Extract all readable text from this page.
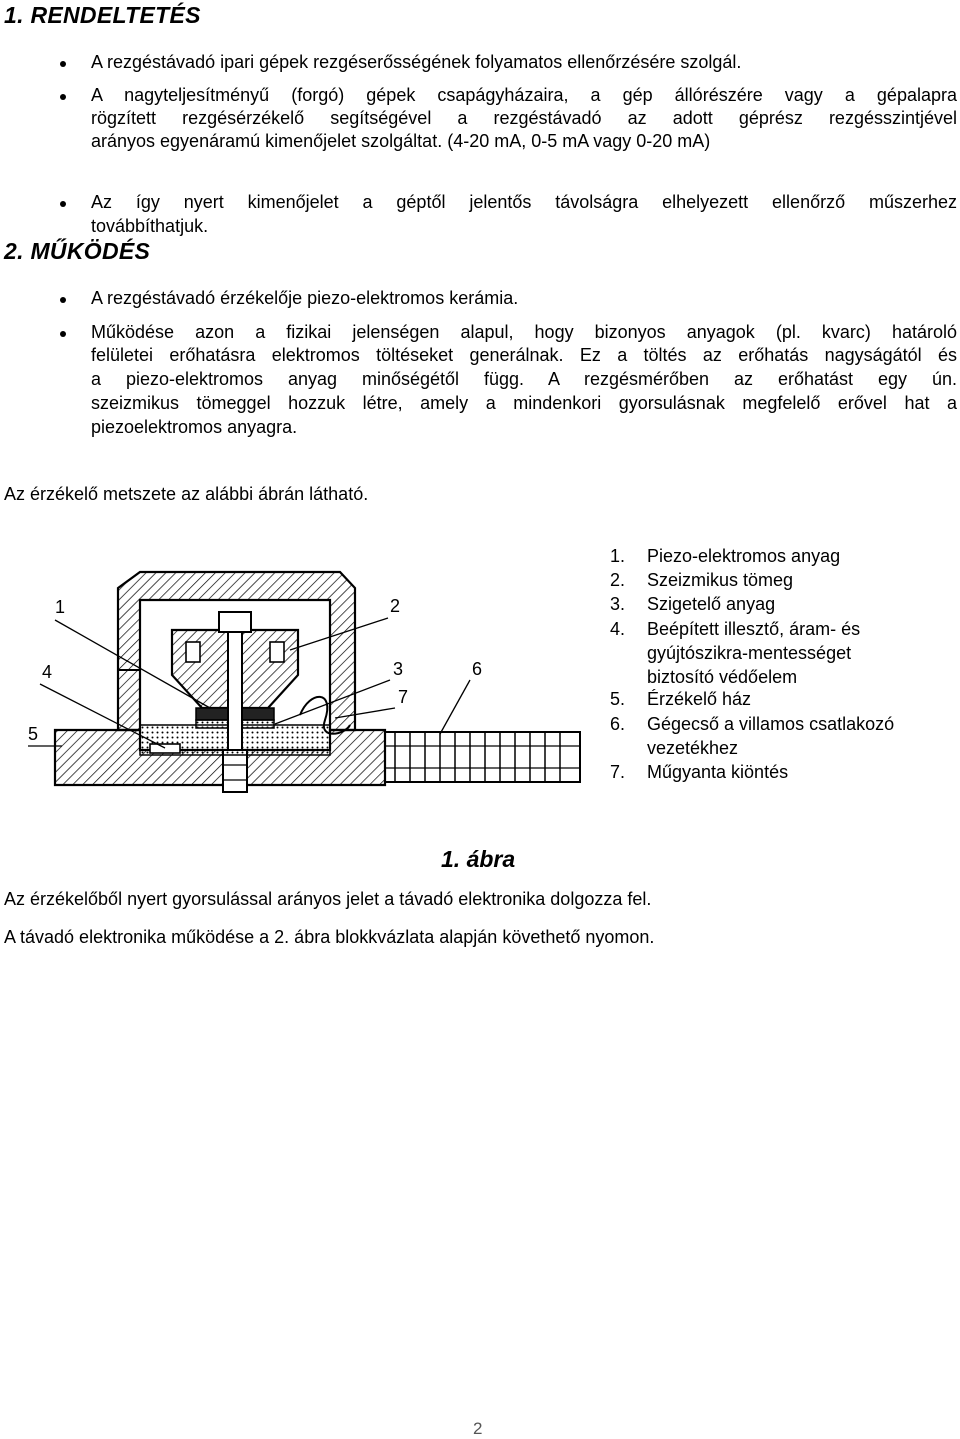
1. RENDELTETÉS
A rezgéstávadó ipari gépek rezgéserősségének folyamatos ellenőrzésére szolgál.
A nagyteljesítményű (forgó) gépek csapágyházaira, a gép állórészére vagy a gépalapra
rögzített rezgésérzékelő segítségével a rezgéstávadó az adott géprész rezgésszintjével
arányos egyenáramú kimenőjelet szolgáltat. (4-20 mA, 0-5 mA vagy 0-20 mA)
Az így nyert kimenőjelet a géptől jelentős távolságra elhelyezett ellenőrző műszerhez
továbbíthatjuk.
2. MŰKÖDÉS
A rezgéstávadó érzékelője piezo-elektromos kerámia.
Működése azon a fizikai jelenségen alapul, hogy bizonyos anyagok (pl. kvarc) határoló
felületei erőhatásra elektromos töltéseket generálnak. Ez a töltés az erőhatás nagyságától és
a piezo-elektromos anyag minőségétől függ. A rezgésmérőben az erőhatást egy ún.
szeizmikus tömeggel hozzuk létre, amely a mindenkori gyorsulásnak megfelelő erővel hat a
piezoelektromos anyagra.
Az érzékelő metszete az alábbi ábrán látható.
1	2
3
4
5
6
7
1. Piezo-elektromos anyag
2. Szeizmikus tömeg
3. Szigetelő anyag
4. Beépített illesztő, áram- és
gyújtószikra-mentességet
biztosító védőelem
5. Érzékelő ház
6. Gégecső a villamos csatlakozó
vezetékhez
7. Műgyanta kiöntés
1. ábra
Az érzékelőből nyert gyorsulással arányos jelet a távadó elektronika dolgozza fel.
A távadó elektronika működése a 2. ábra blokkvázlata alapján követhető nyomon.
2
